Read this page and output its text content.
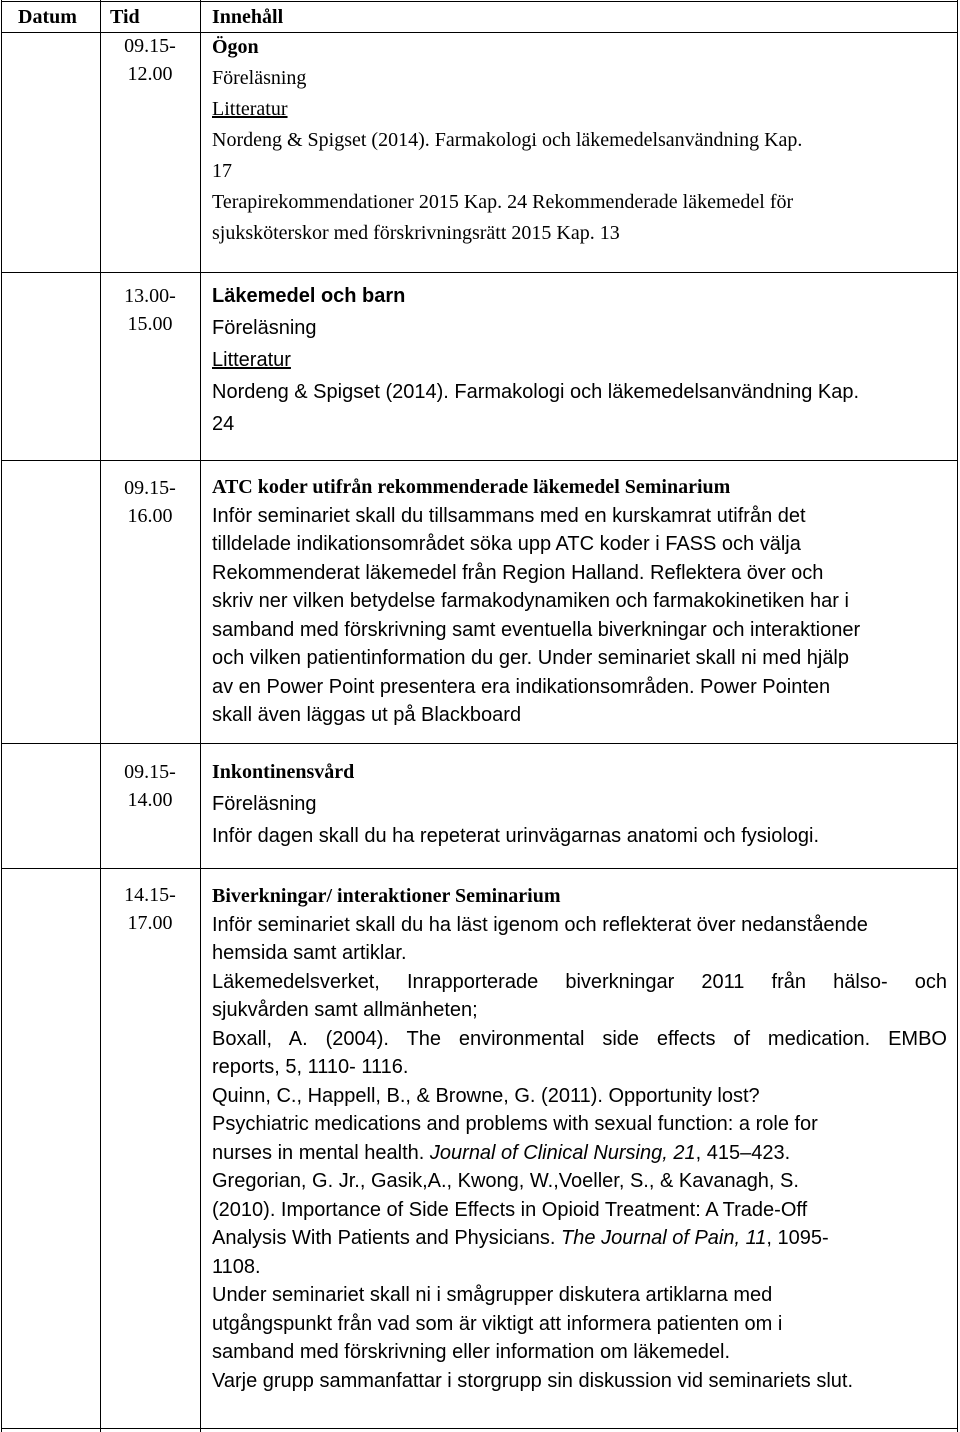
Datum Tid	Innehåll
09.15-
12.00
Ögon
Föreläsning
Litteratur
Nordeng & Spigset (2014). Farmakologi och läkemedelsanvändning Kap.
17
Terapirekommendationer 2015 Kap. 24 Rekommenderade läkemedel för
sjuksköterskor med förskrivningsrätt 2015 Kap. 13
13.00-
15.00
Läkemedel och barn
Föreläsning
Litteratur
Nordeng & Spigset (2014). Farmakologi och läkemedelsanvändning Kap.
24
09.15-
16.00
ATC koder utifrån rekommenderade läkemedel Seminarium
Inför seminariet skall du tillsammans med en kurskamrat utifrån det
tilldelade indikationsområdet söka upp ATC koder i FASS och välja
Rekommenderat läkemedel från Region Halland. Reflektera över och
skriv ner vilken betydelse farmakodynamiken och farmakokinetiken har i
samband med förskrivning samt eventuella biverkningar och interaktioner
och vilken patientinformation du ger. Under seminariet skall ni med hjälp
av en Power Point presentera era indikationsområden. Power Pointen
skall även läggas ut på Blackboard
09.15-
14.00
Inkontinensvård
Föreläsning
Inför dagen skall du ha repeterat urinvägarnas anatomi och fysiologi.
14.15-
17.00
Biverkningar/ interaktioner Seminarium
Inför seminariet skall du ha läst igenom och reflekterat över nedanstående
hemsida samt artiklar.
Läkemedelsverket, Inrapporterade biverkningar 2011 från hälso- och
sjukvården samt allmänheten;
Boxall, A. (2004). The environmental side effects of medication. EMBO
reports, 5, 1110- 1116.
Quinn, C., Happell, B., & Browne, G. (2011). Opportunity lost?
Psychiatric medications and problems with sexual function: a role for
nurses in mental health. Journal of Clinical Nursing, 21, 415–423.
Gregorian, G. Jr., Gasik,A., Kwong, W.,Voeller, S., & Kavanagh, S.
(2010). Importance of Side Effects in Opioid Treatment: A Trade-Off
Analysis With Patients and Physicians. The Journal of Pain, 11, 1095-
1108.
Under seminariet skall ni i smågrupper diskutera artiklarna med
utgångspunkt från vad som är viktigt att informera patienten om i
samband med förskrivning eller information om läkemedel.
Varje grupp sammanfattar i storgrupp sin diskussion vid seminariets slut.
